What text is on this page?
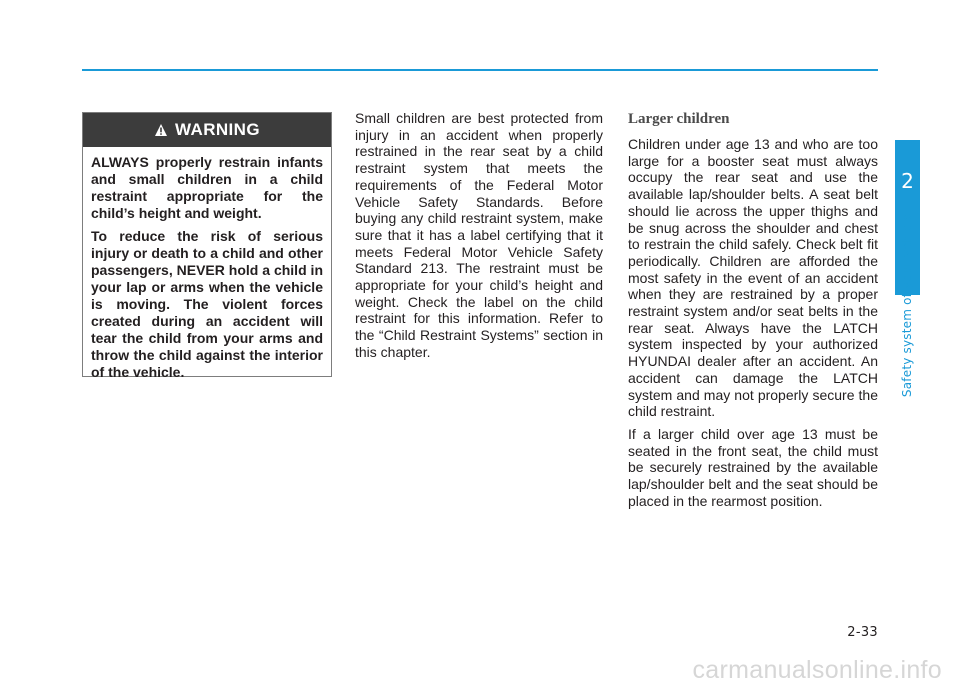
2
Safety system of your vehicle
WARNING

ALWAYS properly restrain infants and small children in a child restraint appropriate for the child’s height and weight.

To reduce the risk of serious injury or death to a child and other passengers, NEVER hold a child in your lap or arms when the vehicle is moving. The violent forces created during an accident will tear the child from your arms and throw the child against the interior of the vehicle.

Small children are best protected from injury in an accident when properly restrained in the rear seat by a child restraint system that meets the requirements of the Federal Motor Vehicle Safety Standards. Before buying any child restraint system, make sure that it has a label certifying that it meets Federal Motor Vehicle Safety Standard 213. The restraint must be appropriate for your child’s height and weight. Check the label on the child restraint for this information. Refer to the “Child Restraint Systems” section in this chapter.

Larger children

Children under age 13 and who are too large for a booster seat must always occupy the rear seat and use the available lap/shoulder belts. A seat belt should lie across the upper thighs and be snug across the shoulder and chest to restrain the child safely. Check belt fit periodically. Children are afforded the most safety in the event of an accident when they are restrained by a proper restraint system and/or seat belts in the rear seat. Always have the LATCH system inspected by your authorized HYUNDAI dealer after an accident. An accident can damage the LATCH system and may not properly secure the child restraint.

If a larger child over age 13 must be seated in the front seat, the child must be securely restrained by the available lap/shoulder belt and the seat should be placed in the rearmost position.

2-33
carmanualsonline.info
